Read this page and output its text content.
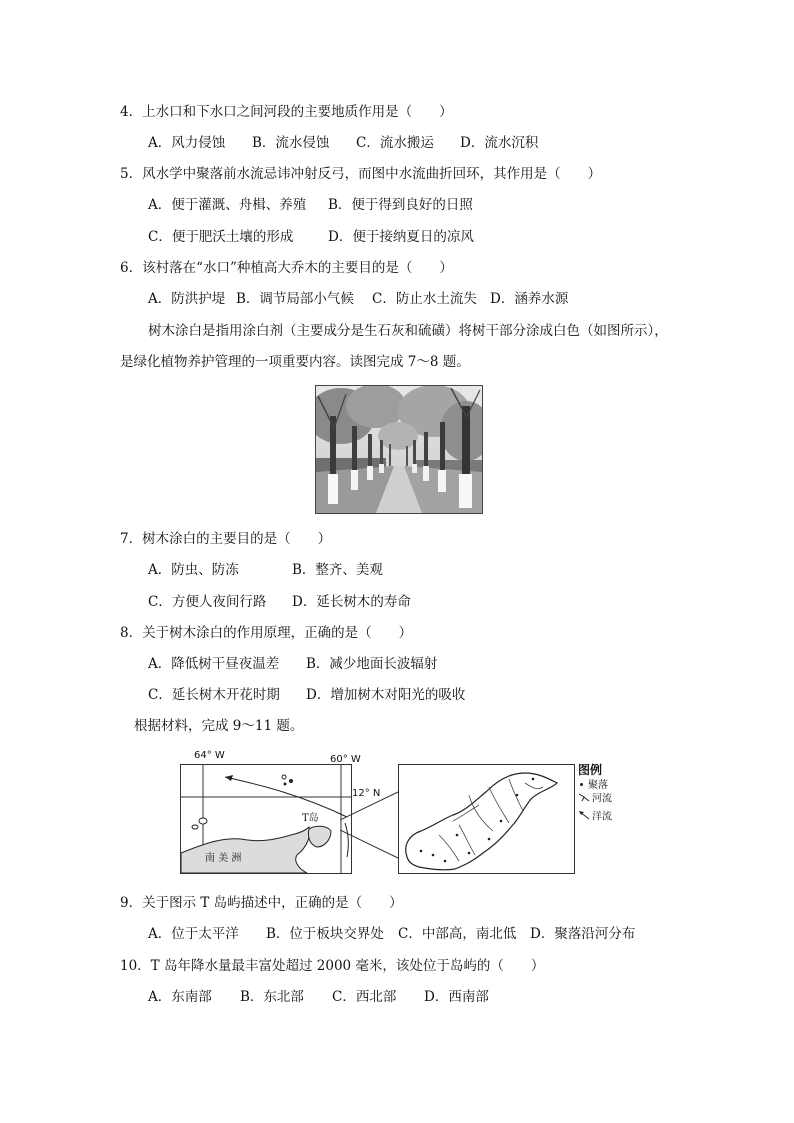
4．上水口和下水口之间河段的主要地质作用是（　　）
A．风力侵蚀 B．流水侵蚀 C．流水搬运 D．流水沉积
5．风水学中聚落前水流忌讳冲射反弓，而图中水流曲折回环，其作用是（　　）
A．便于灌溉、舟楫、养殖 B．便于得到良好的日照
C．便于肥沃土壤的形成	D．便于接纳夏日的凉风
6．该村落在“水口”种植高大乔木的主要目的是（　　）
A．防洪护堤 B．调节局部小气候 C．防止水土流失 D．涵养水源
树木涂白是指用涂白剂（主要成分是生石灰和硫磺）将树干部分涂成白色（如图所示），
是绿化植物养护管理的一项重要内容。读图完成 7～8 题。
7．树木涂白的主要目的是（　　）
A．防虫、防冻	B．整齐、美观
C．方便人夜间行路 D．延长树木的寿命
8．关于树木涂白的作用原理，正确的是（　　）
A．降低树干昼夜温差 B．减少地面长波辐射
C．延长树木开花时期 D．增加树木对阳光的吸收
根据材料，完成 9～11 题。
T岛
南 美 洲
64° W	60° W
12° N
图例
聚落
河流
洋流
9．关于图示 T 岛屿描述中，正确的是（　　）
A．位于太平洋 B．位于板块交界处 C．中部高，南北低 D．聚落沿河分布
10．T 岛年降水量最丰富处超过 2000 毫米，该处位于岛屿的（　　）
A．东南部 B．东北部 C．西北部 D．西南部
